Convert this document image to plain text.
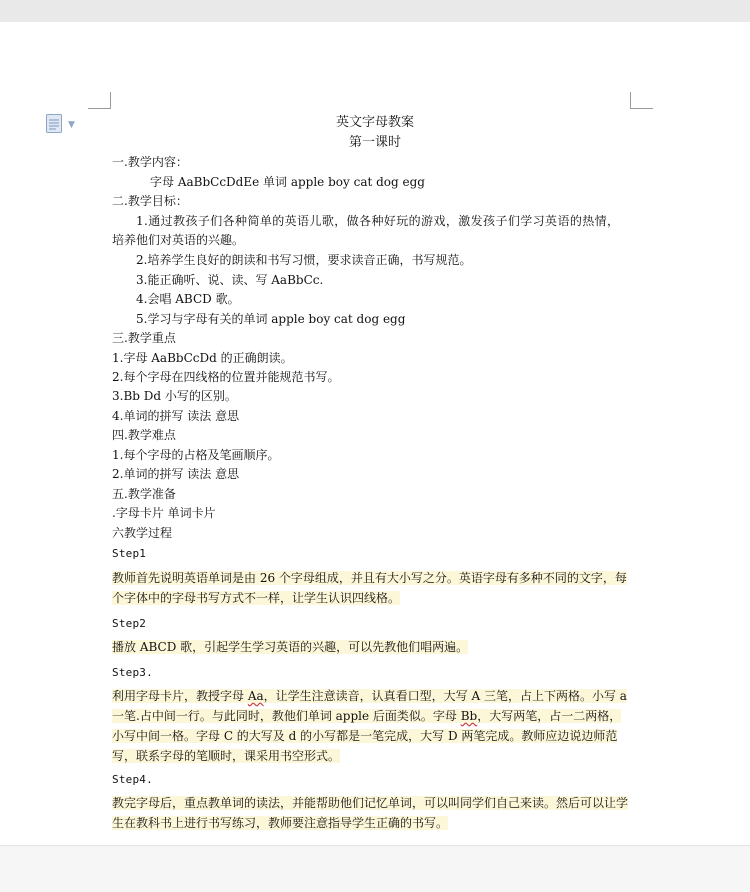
▼	英文字母教案
第一课时
一.教学内容：
字母 AaBbCcDdEe 单词 apple boy cat dog egg
二.教学目标：
1.通过教孩子们各种简单的英语儿歌，做各种好玩的游戏，激发孩子们学习英语的热情，
培养他们对英语的兴趣。
2.培养学生良好的朗读和书写习惯，要求读音正确，书写规范。
3.能正确听、说、读、写 AaBbCc.
4.会唱 ABCD 歌。
5.学习与字母有关的单词 apple boy cat dog egg
三.教学重点
1.字母 AaBbCcDd 的正确朗读。
2.每个字母在四线格的位置并能规范书写。
3.Bb Dd 小写的区别。
4.单词的拼写 读法 意思
四.教学难点
1.每个字母的占格及笔画顺序。
2.单词的拼写 读法 意思
五.教学准备
.字母卡片 单词卡片
六教学过程
Step1
教师首先说明英语单词是由 26 个字母组成，并且有大小写之分。英语字母有多种不同的文字，每个字体中的字母书写方式不一样，让学生认识四线格。
Step2
播放 ABCD 歌，引起学生学习英语的兴趣，可以先教他们唱两遍。
Step3.
利用字母卡片，教授字母 Aa，让学生注意读音，认真看口型，大写 A 三笔，占上下两格。小写 a 一笔.占中间一行。与此同时，教他们单词 apple 后面类似。字母 Bb，大写两笔，占一二两格，小写中间一格。字母 C 的大写及 d 的小写都是一笔完成，大写 D 两笔完成。教师应边说边师范写，联系字母的笔顺时，课采用书空形式。
Step4.
教完字母后，重点教单词的读法，并能帮助他们记忆单词，可以叫同学们自己来读。然后可以让学生在教科书上进行书写练习，教师要注意指导学生正确的书写。
